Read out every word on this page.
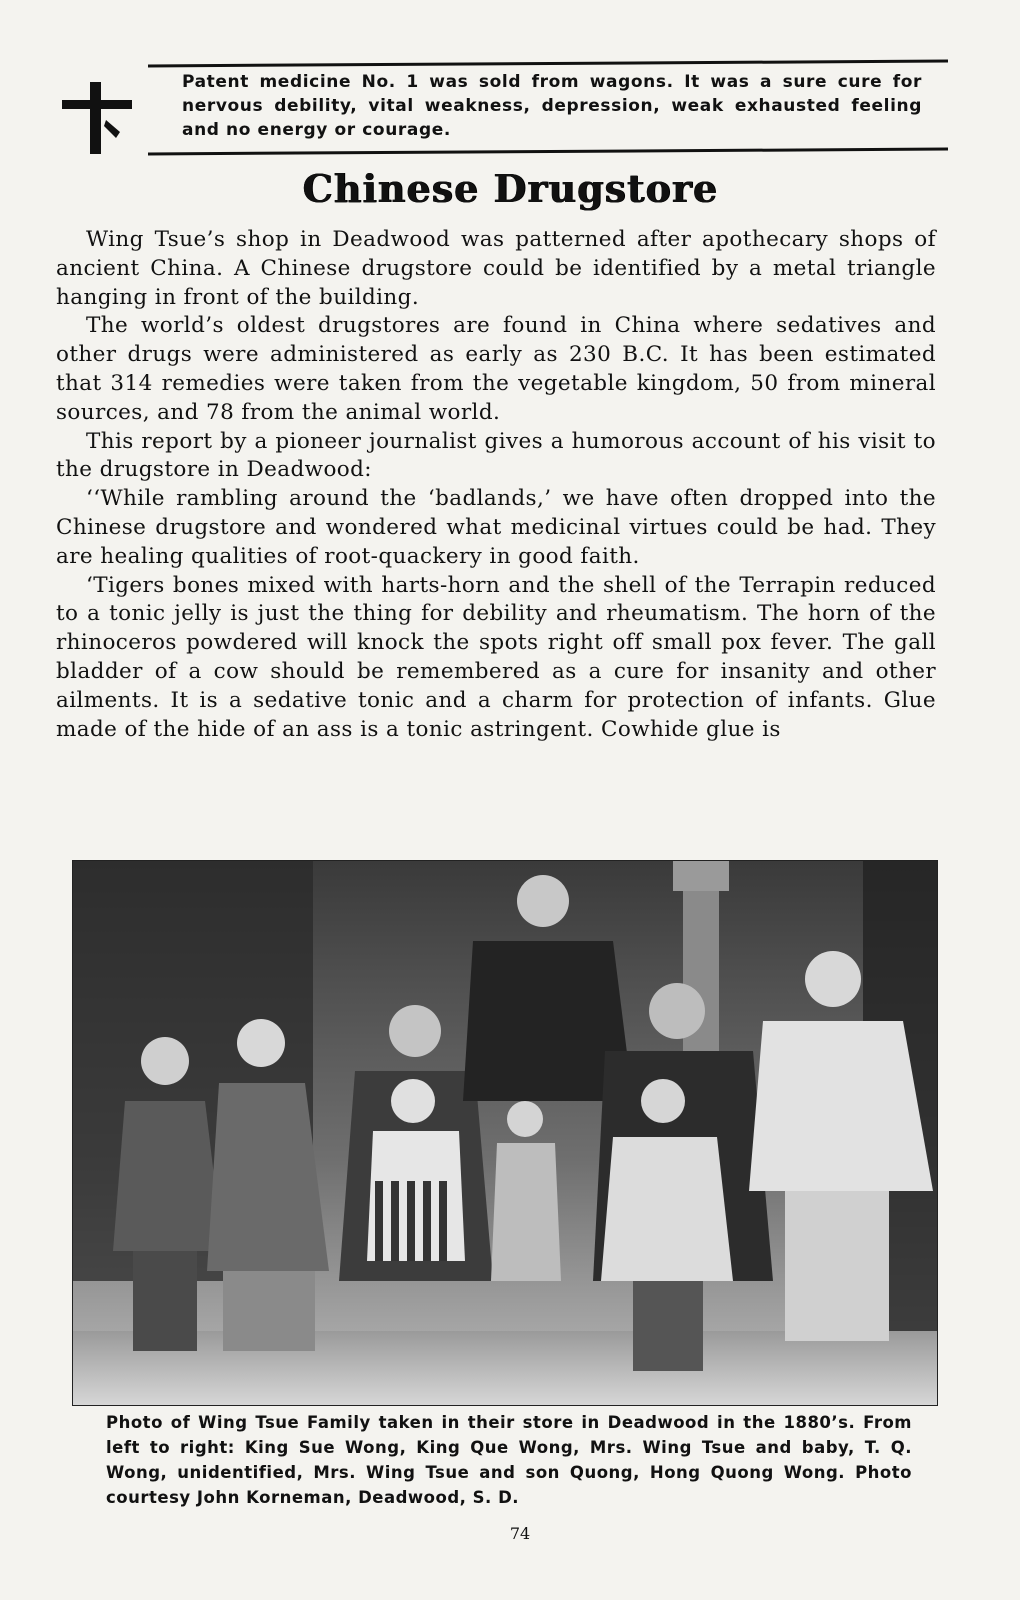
Patent medicine No. 1 was sold from wagons. It was a sure cure for nervous debility, vital weakness, depression, weak exhausted feeling and no energy or courage.
Chinese Drugstore

Wing Tsue’s shop in Deadwood was patterned after apothecary shops of ancient China. A Chinese drugstore could be identified by a metal triangle hanging in front of the building.

The world’s oldest drugstores are found in China where sedatives and other drugs were administered as early as 230 B.C. It has been estimated that 314 remedies were taken from the vegetable kingdom, 50 from mineral sources, and 78 from the animal world.

This report by a pioneer journalist gives a humorous account of his visit to the drugstore in Deadwood:

‘‘While rambling around the ‘badlands,’ we have often dropped into the Chinese drugstore and wondered what medicinal virtues could be had. They are healing qualities of root-quackery in good faith.

‘Tigers bones mixed with harts-horn and the shell of the Terrapin reduced to a tonic jelly is just the thing for debility and rheumatism. The horn of the rhinoceros powdered will knock the spots right off small pox fever. The gall bladder of a cow should be remembered as a cure for insanity and other ailments. It is a sedative tonic and a charm for protection of infants. Glue made of the hide of an ass is a tonic astringent. Cowhide glue is

Photo of Wing Tsue Family taken in their store in Deadwood in the 1880’s. From left to right: King Sue Wong, King Que Wong, Mrs. Wing Tsue and baby, T. Q. Wong, unidentified, Mrs. Wing Tsue and son Quong, Hong Quong Wong. Photo courtesy John Korneman, Deadwood, S. D.
74
